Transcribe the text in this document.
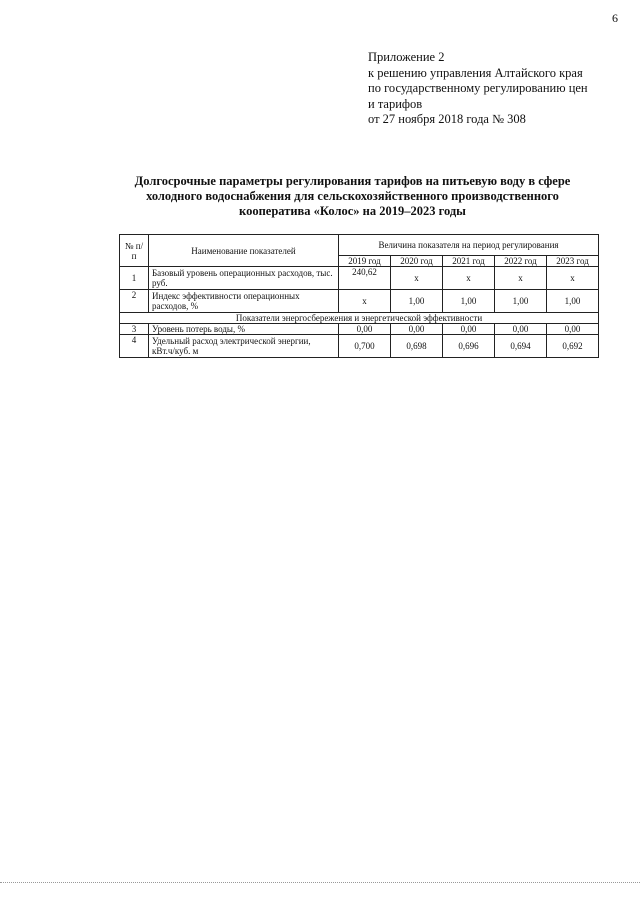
6
Приложение 2
к решению управления Алтайского края
по государственному регулированию цен
и тарифов
от 27 ноября 2018 года № 308
Долгосрочные параметры регулирования тарифов на питьевую воду в сфере
холодного водоснабжения для сельскохозяйственного производственного
кооператива «Колос» на 2019–2023 годы
№ п/п	Наименование показателей	Величина показателя на период регулирования				
		2019 год	2020 год	2021 год	2022 год	2023 год
1	Базовый уровень операционных расходов, тыс. руб.	240,62	х	х	х	х
2	Индекс эффективности операционных расходов, %	х	1,00	1,00	1,00	1,00
Показатели энергосбережения и энергетической эффективности						
3	Уровень потерь воды, %	0,00	0,00	0,00	0,00	0,00
4	Удельный расход электрической энергии, кВт.ч/куб. м	0,700	0,698	0,696	0,694	0,692
